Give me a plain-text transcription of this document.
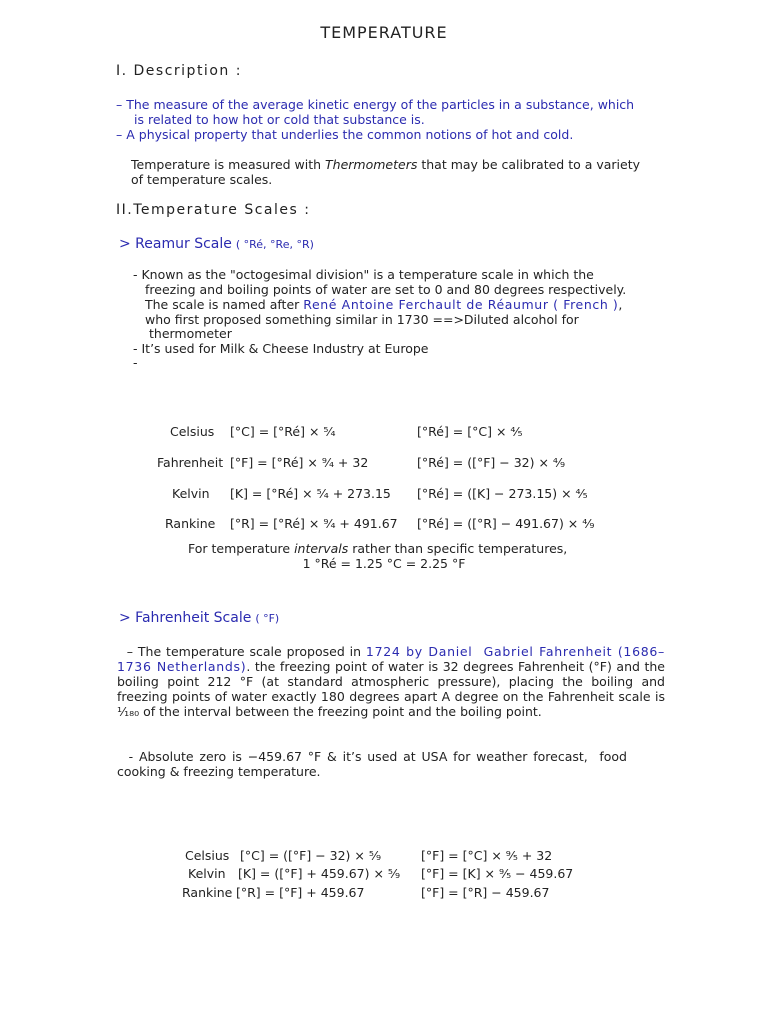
TEMPERATURE
I. Description :
– The measure of the average kinetic energy of the particles in a substance, which
is related to how hot or cold that substance is.
– A physical property that underlies the common notions of hot and cold.
Temperature is measured with Thermometers that may be calibrated to a variety
of temperature scales.
II.Temperature Scales :
> Reamur Scale ( °Ré, °Re, °R)
- Known as the "octogesimal division" is a temperature scale in which the
freezing and boiling points of water are set to 0 and 80 degrees respectively.
The scale is named after René Antoine Ferchault de Réaumur ( French ),
who first proposed something similar in 1730 ==>Diluted alcohol for
thermometer
- It’s used for Milk & Cheese Industry at Europe
-
Celsius [°C] = [°Ré] × ⁵⁄₄	[°Ré] = [°C] × ⁴⁄₅
Fahrenheit [°F] = [°Ré] × ⁹⁄₄ + 32	[°Ré] = ([°F] − 32) × ⁴⁄₉
Kelvin [K] = [°Ré] × ⁵⁄₄ + 273.15 [°Ré] = ([K] − 273.15) × ⁴⁄₅
Rankine [°R] = [°Ré] × ⁹⁄₄ + 491.67 [°Ré] = ([°R] − 491.67) × ⁴⁄₉
For temperature intervals rather than specific temperatures,
1 °Ré = 1.25 °C = 2.25 °F
> Fahrenheit Scale ( °F)
– The temperature scale proposed in 1724 by Daniel  Gabriel Fahrenheit (1686–1736 Netherlands). the freezing point of water is 32 degrees Fahrenheit (°F) and the boiling point 212 °F (at standard atmospheric pressure), placing the boiling and freezing points of water exactly 180 degrees apart A degree on the Fahrenheit scale is ¹⁄₁₈₀ of the interval between the freezing point and the boiling point.
- Absolute zero is −459.67 °F & it’s used at USA for weather forecast,  food cooking & freezing temperature.
Celsius [°C] = ([°F] − 32) × ⁵⁄₉	[°F] = [°C] × ⁹⁄₅ + 32
Kelvin [K] = ([°F] + 459.67) × ⁵⁄₉ [°F] = [K] × ⁹⁄₅ − 459.67
Rankine [°R] = [°F] + 459.67	[°F] = [°R] − 459.67
